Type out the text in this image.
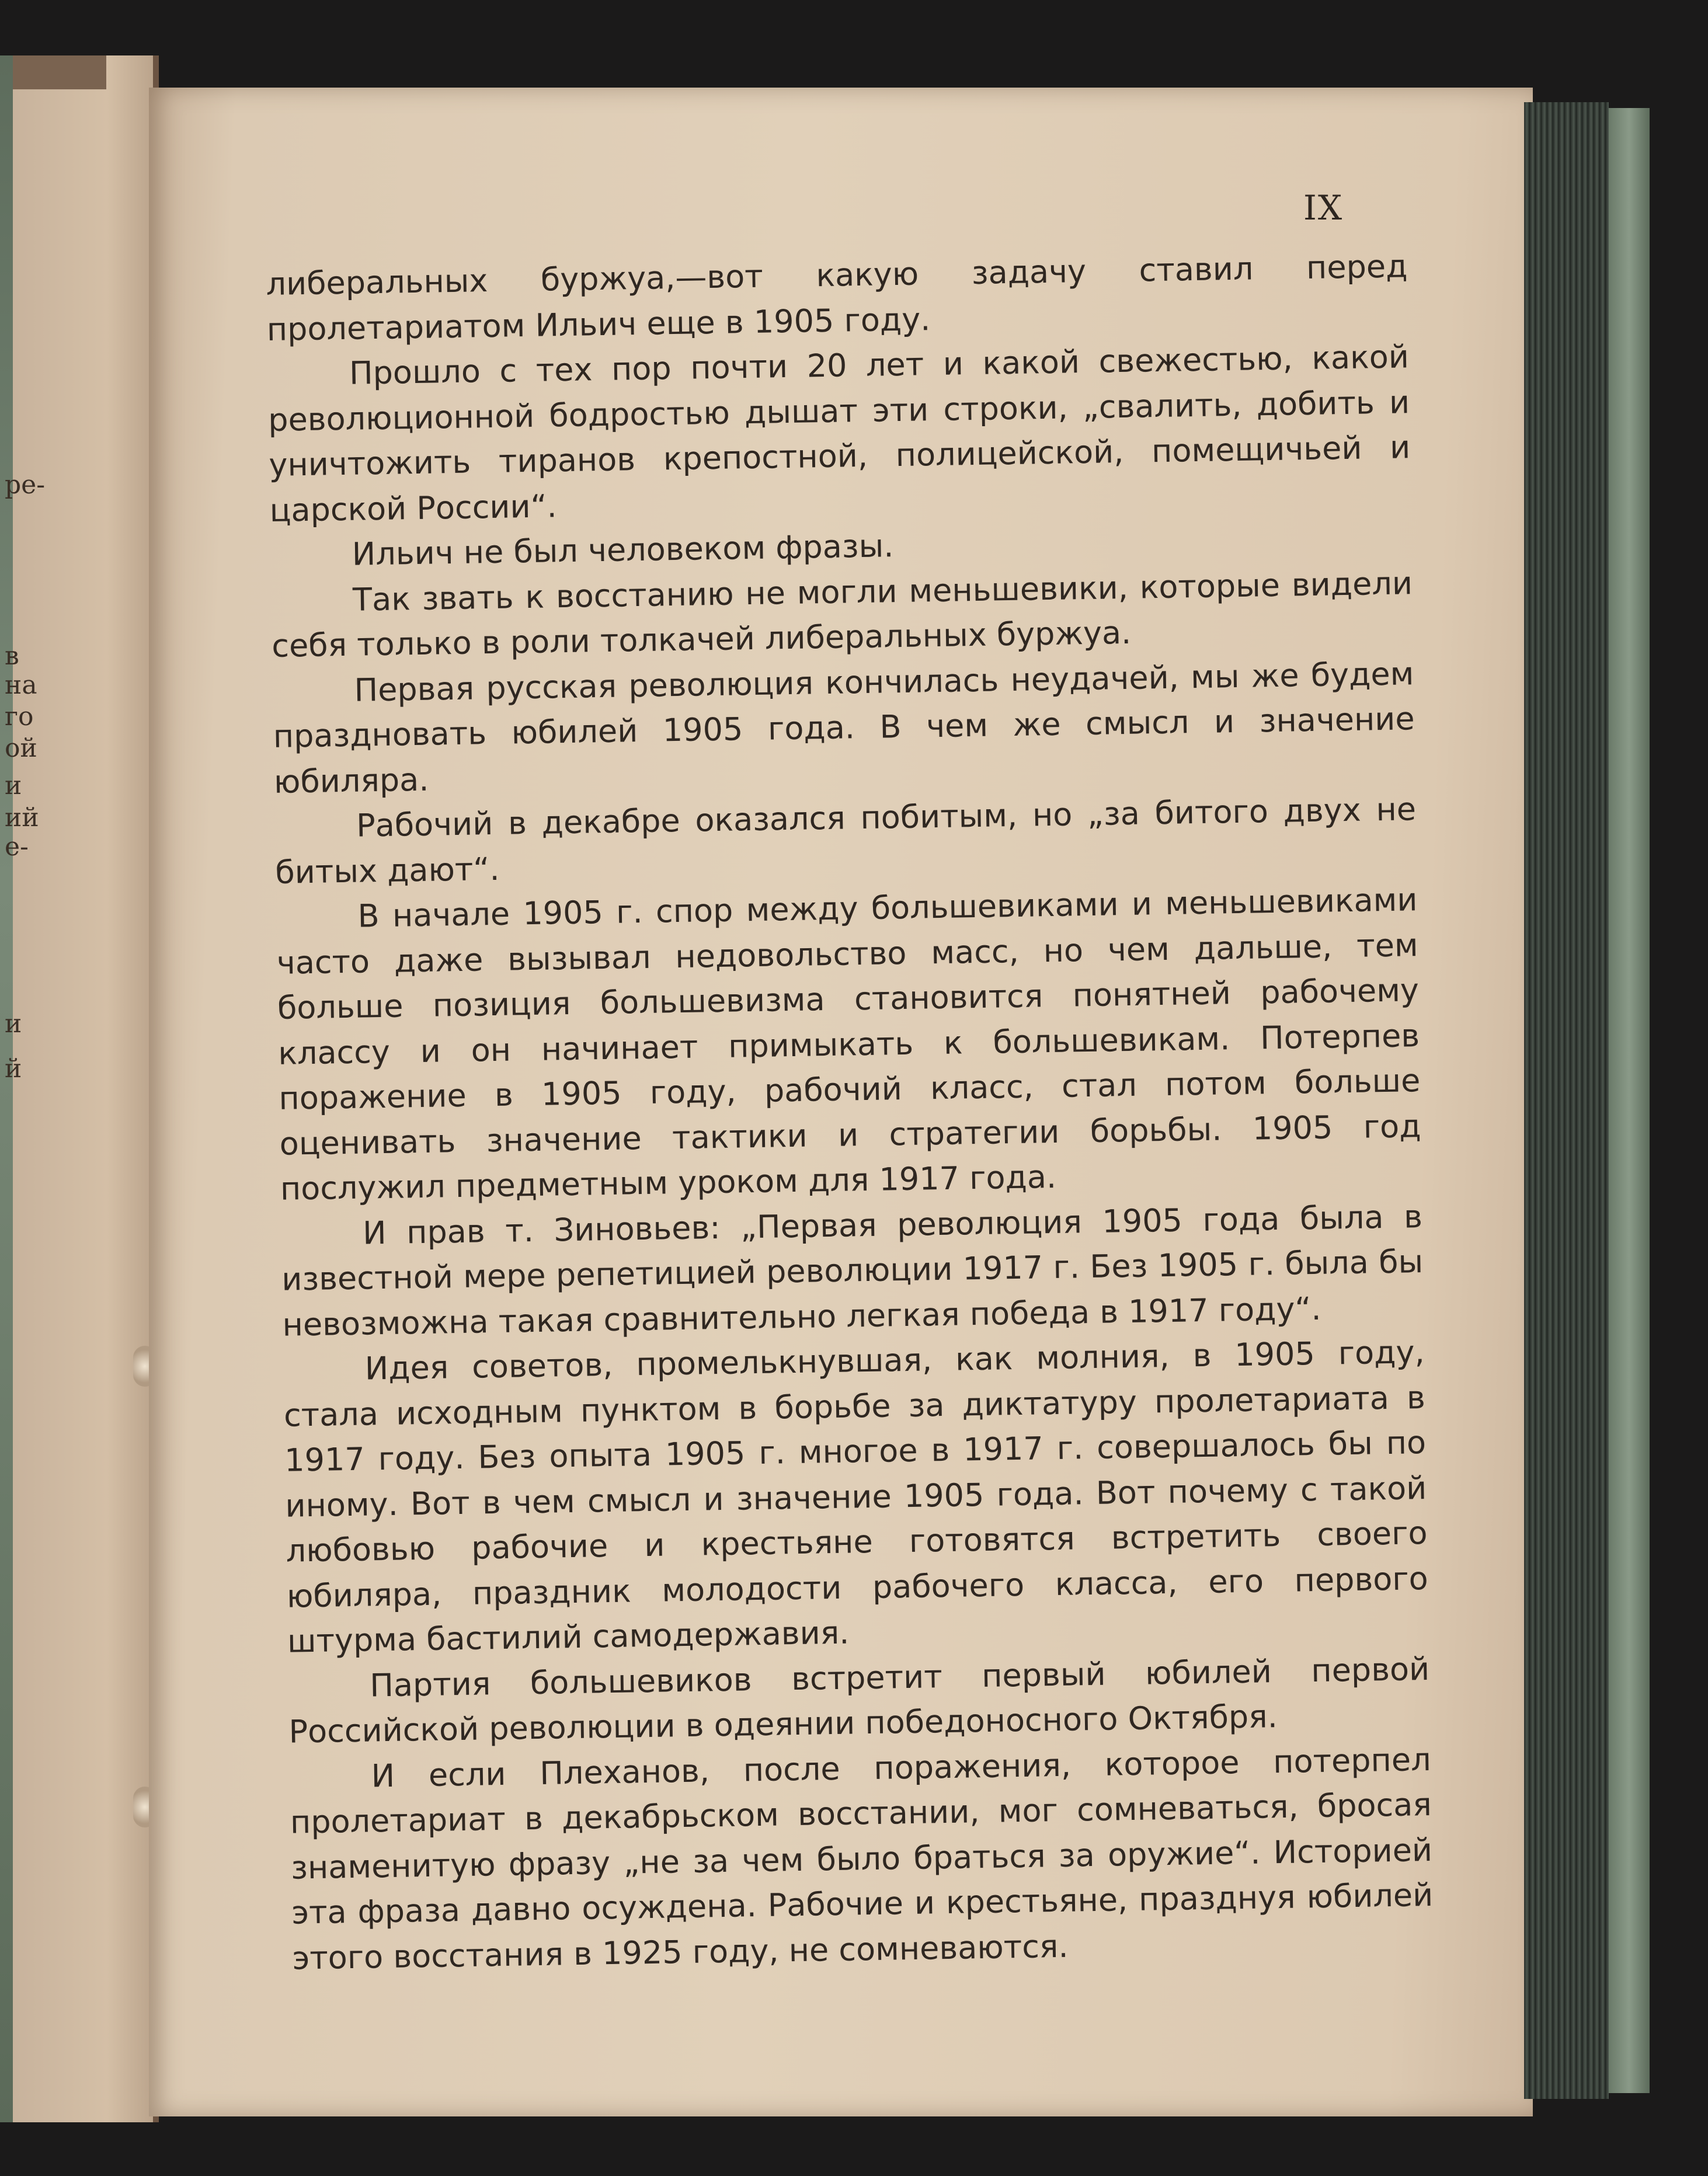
ре-
в
на
го
ой
и
ий
е-
и
й
IX

либеральных буржуа,—вот какую задачу ставил перед пролетариатом Ильич еще в 1905 году.

Прошло с тех пор почти 20 лет и какой свежестью, какой революционной бодростью дышат эти строки, „свалить, добить и уничтожить тиранов крепостной, полицейской, помещичьей и царской России“.

Ильич не был человеком фразы.

Так звать к восстанию не могли меньшевики, которые видели себя только в роли толкачей либеральных буржуа.

Первая русская революция кончилась неудачей, мы же будем праздновать юбилей 1905 года. В чем же смысл и значение юбиляра.

Рабочий в декабре оказался побитым, но „за битого двух не битых дают“.

В начале 1905 г. спор между большевиками и меньшевиками часто даже вызывал недовольство масс, но чем дальше, тем больше позиция большевизма становится понятней рабочему классу и он начинает примыкать к большевикам. Потерпев поражение в 1905 году, рабочий класс, стал потом больше оценивать значение тактики и стратегии борьбы. 1905 год послужил предметным уроком для 1917 года.

И прав т. Зиновьев: „Первая революция 1905 года была в известной мере репетицией революции 1917 г. Без 1905 г. была бы невозможна такая сравнительно легкая победа в 1917 году“.

Идея советов, промелькнувшая, как молния, в 1905 году, стала исходным пунктом в борьбе за диктатуру пролетариата в 1917 году. Без опыта 1905 г. многое в 1917 г. совершалось бы по иному. Вот в чем смысл и значение 1905 года. Вот почему с такой любовью рабочие и крестьяне готовятся встретить своего юбиляра, праздник молодости рабочего класса, его первого штурма бастилий самодержавия.

Партия большевиков встретит первый юбилей первой Российской революции в одеянии победоносного Октября.

И если Плеханов, после поражения, которое потерпел пролетариат в декабрьском восстании, мог сомневаться, бросая знаменитую фразу „не за чем было браться за оружие“. Историей эта фраза давно осуждена. Рабочие и крестьяне, празднуя юбилей этого восстания в 1925 году, не сомневаются.
